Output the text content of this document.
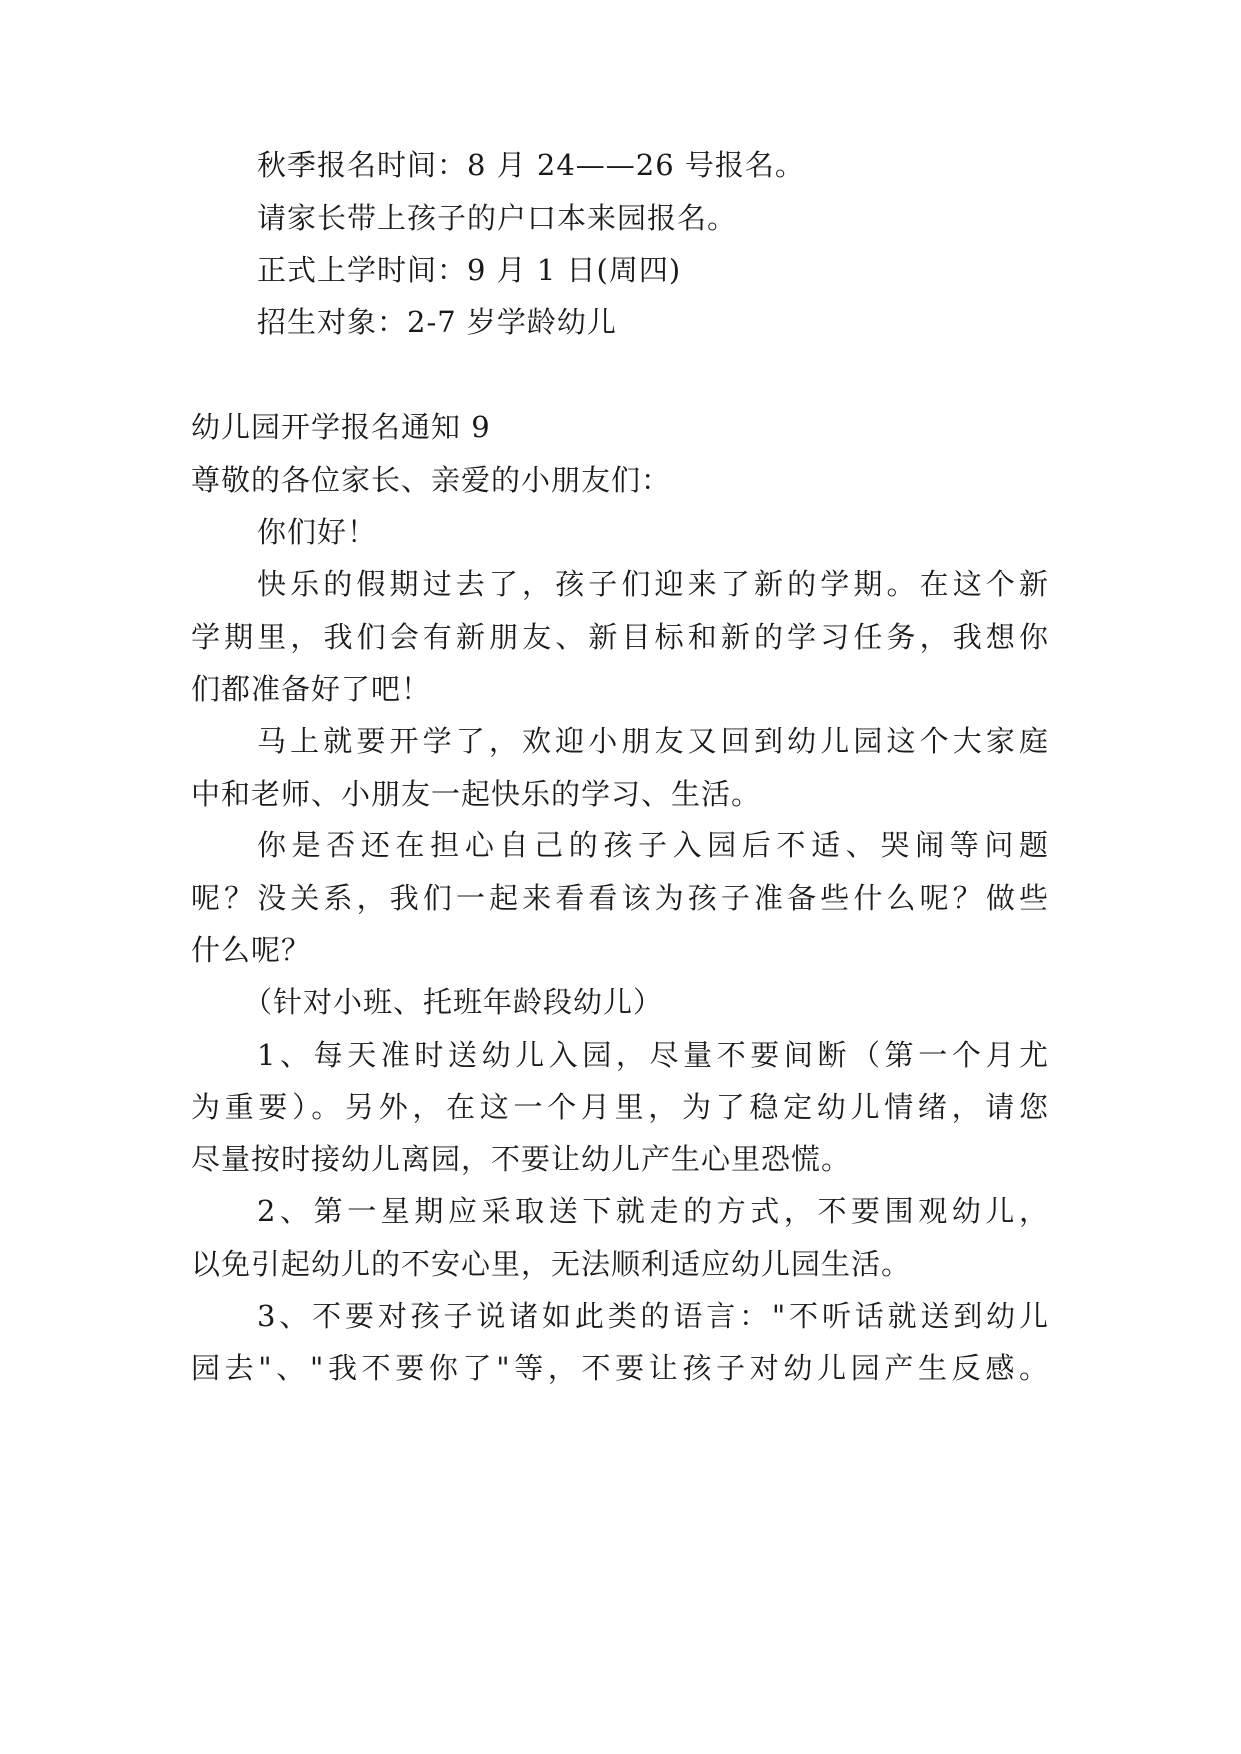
秋季报名时间：8 月 24——26 号报名。
请家长带上孩子的户口本来园报名。
正式上学时间：9 月 1 日(周四)
招生对象：2-7 岁学龄幼儿
幼儿园开学报名通知 9
尊敬的各位家长、亲爱的小朋友们：
你们好！
快乐的假期过去了，孩子们迎来了新的学期。在这个新
学期里，我们会有新朋友、新目标和新的学习任务，我想你
们都准备好了吧！
马上就要开学了，欢迎小朋友又回到幼儿园这个大家庭
中和老师、小朋友一起快乐的学习、生活。
你是否还在担心自己的孩子入园后不适、哭闹等问题
呢？没关系，我们一起来看看该为孩子准备些什么呢？做些
什么呢？
（针对小班、托班年龄段幼儿）
1、每天准时送幼儿入园，尽量不要间断（第一个月尤
为重要）。另外，在这一个月里，为了稳定幼儿情绪，请您
尽量按时接幼儿离园，不要让幼儿产生心里恐慌。
2、第一星期应采取送下就走的方式，不要围观幼儿，
以免引起幼儿的不安心里，无法顺利适应幼儿园生活。
3、不要对孩子说诸如此类的语言："不听话就送到幼儿
园去"、"我不要你了"等，不要让孩子对幼儿园产生反感。
